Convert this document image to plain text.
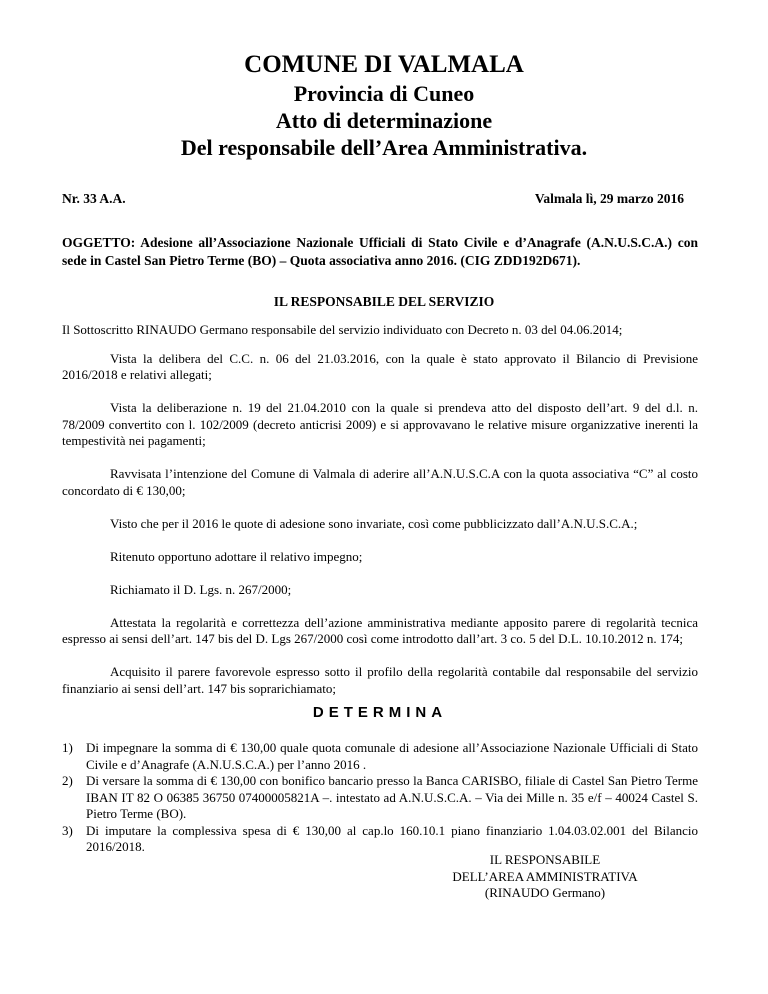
COMUNE DI VALMALA
Provincia di Cuneo
Atto di determinazione
Del responsabile dell’Area Amministrativa.
Nr. 33 A.A.	Valmala lì, 29 marzo 2016
OGGETTO: Adesione all’Associazione Nazionale Ufficiali di Stato Civile e d’Anagrafe (A.N.U.S.C.A.) con sede in Castel San Pietro Terme (BO) – Quota associativa anno 2016. (CIG ZDD192D671).
IL RESPONSABILE DEL SERVIZIO

Il Sottoscritto RINAUDO Germano responsabile del servizio individuato con Decreto n. 03 del 04.06.2014;

Vista la delibera del C.C. n. 06 del 21.03.2016, con la quale è stato approvato il Bilancio di Previsione 2016/2018 e relativi allegati;

Vista la deliberazione n. 19 del 21.04.2010 con la quale si prendeva atto del disposto dell’art. 9 del d.l. n. 78/2009 convertito con l. 102/2009 (decreto anticrisi 2009) e si approvavano le relative misure organizzative inerenti la tempestività nei pagamenti;

Ravvisata l’intenzione del Comune di Valmala di aderire all’A.N.U.S.C.A con la quota associativa “C” al costo concordato di € 130,00;

Visto che per il 2016 le quote di adesione sono invariate, così come pubblicizzato dall’A.N.U.S.C.A.;

Ritenuto opportuno adottare il relativo impegno;

Richiamato il D. Lgs. n. 267/2000;

Attestata la regolarità e correttezza dell’azione amministrativa mediante apposito parere di regolarità tecnica espresso ai sensi dell’art. 147 bis del D. Lgs 267/2000 così come introdotto dall’art. 3 co. 5 del D.L. 10.10.2012 n. 174;

Acquisito il parere favorevole espresso sotto il profilo della regolarità contabile dal responsabile del servizio finanziario ai sensi dell’art. 147 bis soprarichiamato;

DETERMINA
1) Di impegnare la somma di € 130,00 quale quota comunale di adesione all’Associazione Nazionale Ufficiali di Stato Civile e d’Anagrafe (A.N.U.S.C.A.) per l’anno 2016 .
2) Di versare la somma di € 130,00 con bonifico bancario presso la Banca CARISBO, filiale di Castel San Pietro Terme IBAN IT 82 O 06385 36750 07400005821A –. intestato ad A.N.U.S.C.A. – Via dei Mille n. 35 e/f – 40024 Castel S. Pietro Terme (BO).
3) Di imputare la complessiva spesa di € 130,00 al cap.lo 160.10.1 piano finanziario 1.04.03.02.001 del Bilancio 2016/2018.
IL RESPONSABILE
DELL’AREA AMMINISTRATIVA
(RINAUDO Germano)
